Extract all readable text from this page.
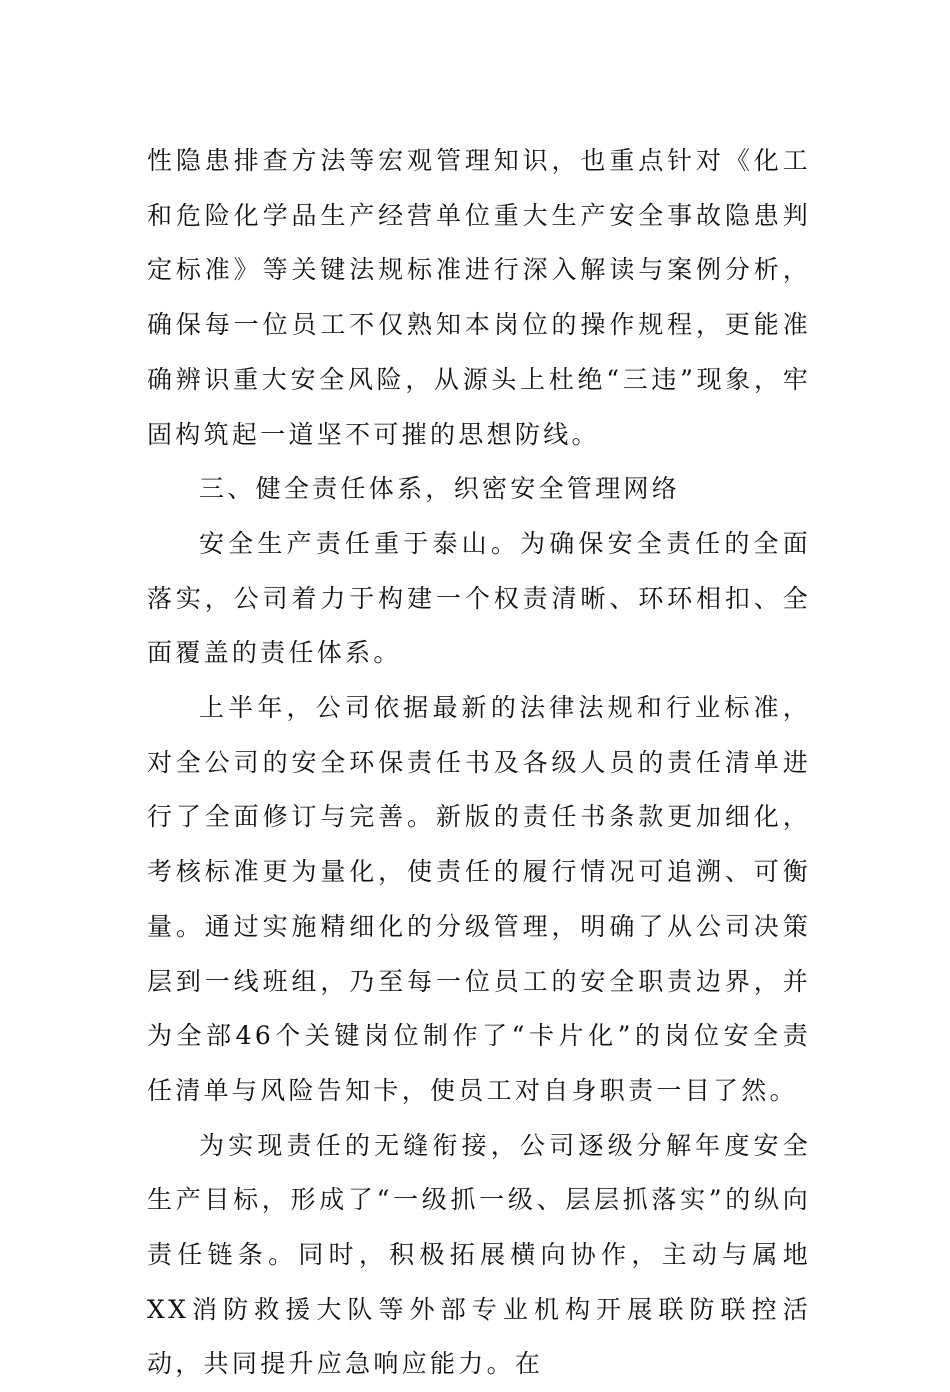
性隐患排查方法等宏观管理知识，也重点针对《化工和危险化学品生产经营单位重大生产安全事故隐患判定标准》等关键法规标准进行深入解读与案例分析，确保每一位员工不仅熟知本岗位的操作规程，更能准确辨识重大安全风险，从源头上杜绝“三违”现象，牢固构筑起一道坚不可摧的思想防线。

三、健全责任体系，织密安全管理网络

安全生产责任重于泰山。为确保安全责任的全面落实，公司着力于构建一个权责清晰、环环相扣、全面覆盖的责任体系。

上半年，公司依据最新的法律法规和行业标准，对全公司的安全环保责任书及各级人员的责任清单进行了全面修订与完善。新版的责任书条款更加细化，考核标准更为量化，使责任的履行情况可追溯、可衡量。通过实施精细化的分级管理，明确了从公司决策层到一线班组，乃至每一位员工的安全职责边界，并为全部46个关键岗位制作了“卡片化”的岗位安全责任清单与风险告知卡，使员工对自身职责一目了然。

为实现责任的无缝衔接，公司逐级分解年度安全生产目标，形成了“一级抓一级、层层抓落实”的纵向责任链条。同时，积极拓展横向协作，主动与属地XX消防救援大队等外部专业机构开展联防联控活动，共同提升应急响应能力。在
